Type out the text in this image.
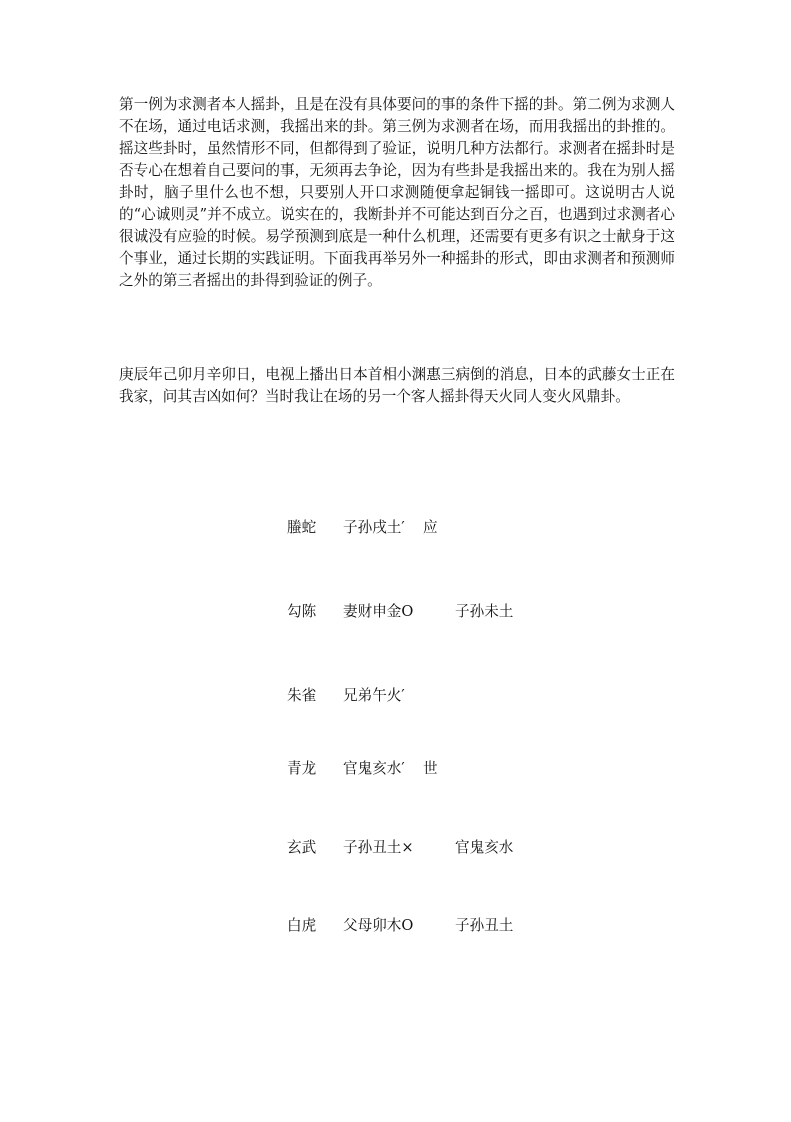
第一例为求测者本人摇卦，且是在没有具体要问的事的条件下摇的卦。第二例为求测人不在场，通过电话求测，我摇出来的卦。第三例为求测者在场，而用我摇出的卦推的。摇这些卦时，虽然情形不同，但都得到了验证，说明几种方法都行。求测者在摇卦时是否专心在想着自己要问的事，无须再去争论，因为有些卦是我摇出来的。我在为别人摇卦时，脑子里什么也不想，只要别人开口求测随便拿起铜钱一摇即可。这说明古人说的“心诚则灵”并不成立。说实在的，我断卦并不可能达到百分之百，也遇到过求测者心很诚没有应验的时候。易学预测到底是一种什么机理，还需要有更多有识之士献身于这个事业，通过长期的实践证明。下面我再举另外一种摇卦的形式，即由求测者和预测师之外的第三者摇出的卦得到验证的例子。

庚辰年己卯月辛卯日，电视上播出日本首相小渊惠三病倒的消息，日本的武藤女士正在我家，问其吉凶如何？当时我让在场的另一个客人摇卦得天火同人变火风鼎卦。

螣蛇 子孙戌土′ 应
勾陈 妻财申金O	子孙未土
朱雀 兄弟午火′
青龙 官鬼亥水′ 世
玄武 子孙丑土×	官鬼亥水
白虎 父母卯木O	子孙丑土
